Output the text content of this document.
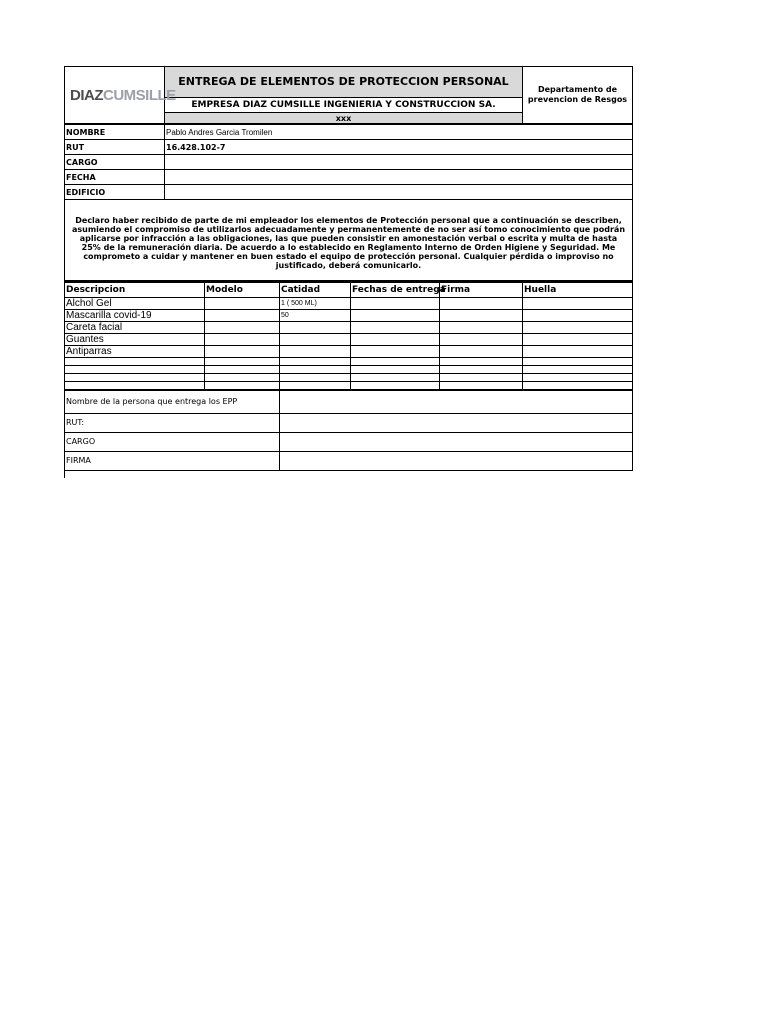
DIAZCUMSILLE
	ENTREGA DE ELEMENTOS DE PROTECCION PERSONAL	Departamento de prevencion de Resgos
EMPRESA DIAZ CUMSILLE INGENIERIA Y CONSTRUCCION SA.
xxx
NOMBRE	Pablo Andres Garcia Tromilen
RUT	16.428.102-7
CARGO	
FECHA	
EDIFICIO	
Declaro haber recibido de parte de mi empleador los elementos de Protección personal que a continuación se describen, asumiendo el compromiso de utilizarlos adecuadamente y permanentemente de no ser así tomo conocimiento que podrán aplicarse por infracción a las obligaciones, las que pueden consistir en amonestación verbal o escrita y multa de hasta 25% de la remuneración diaria. De acuerdo a lo establecido en Reglamento Interno de Orden Higiene y Seguridad. Me comprometo a cuidar y mantener en buen estado el equipo de protección personal. Cualquier pérdida o improviso no justificado, deberá comunicarlo.	
Descripcion	Modelo	Catidad	Fechas de entrega	Firma	Huella
Alchol Gel		1 ( 500 ML)			
Mascarilla covid-19		50			
Careta facial					
Guantes					
Antiparras					

Nombre de la persona que entrega los EPP	
RUT:	
CARGO	
FIRMA	
